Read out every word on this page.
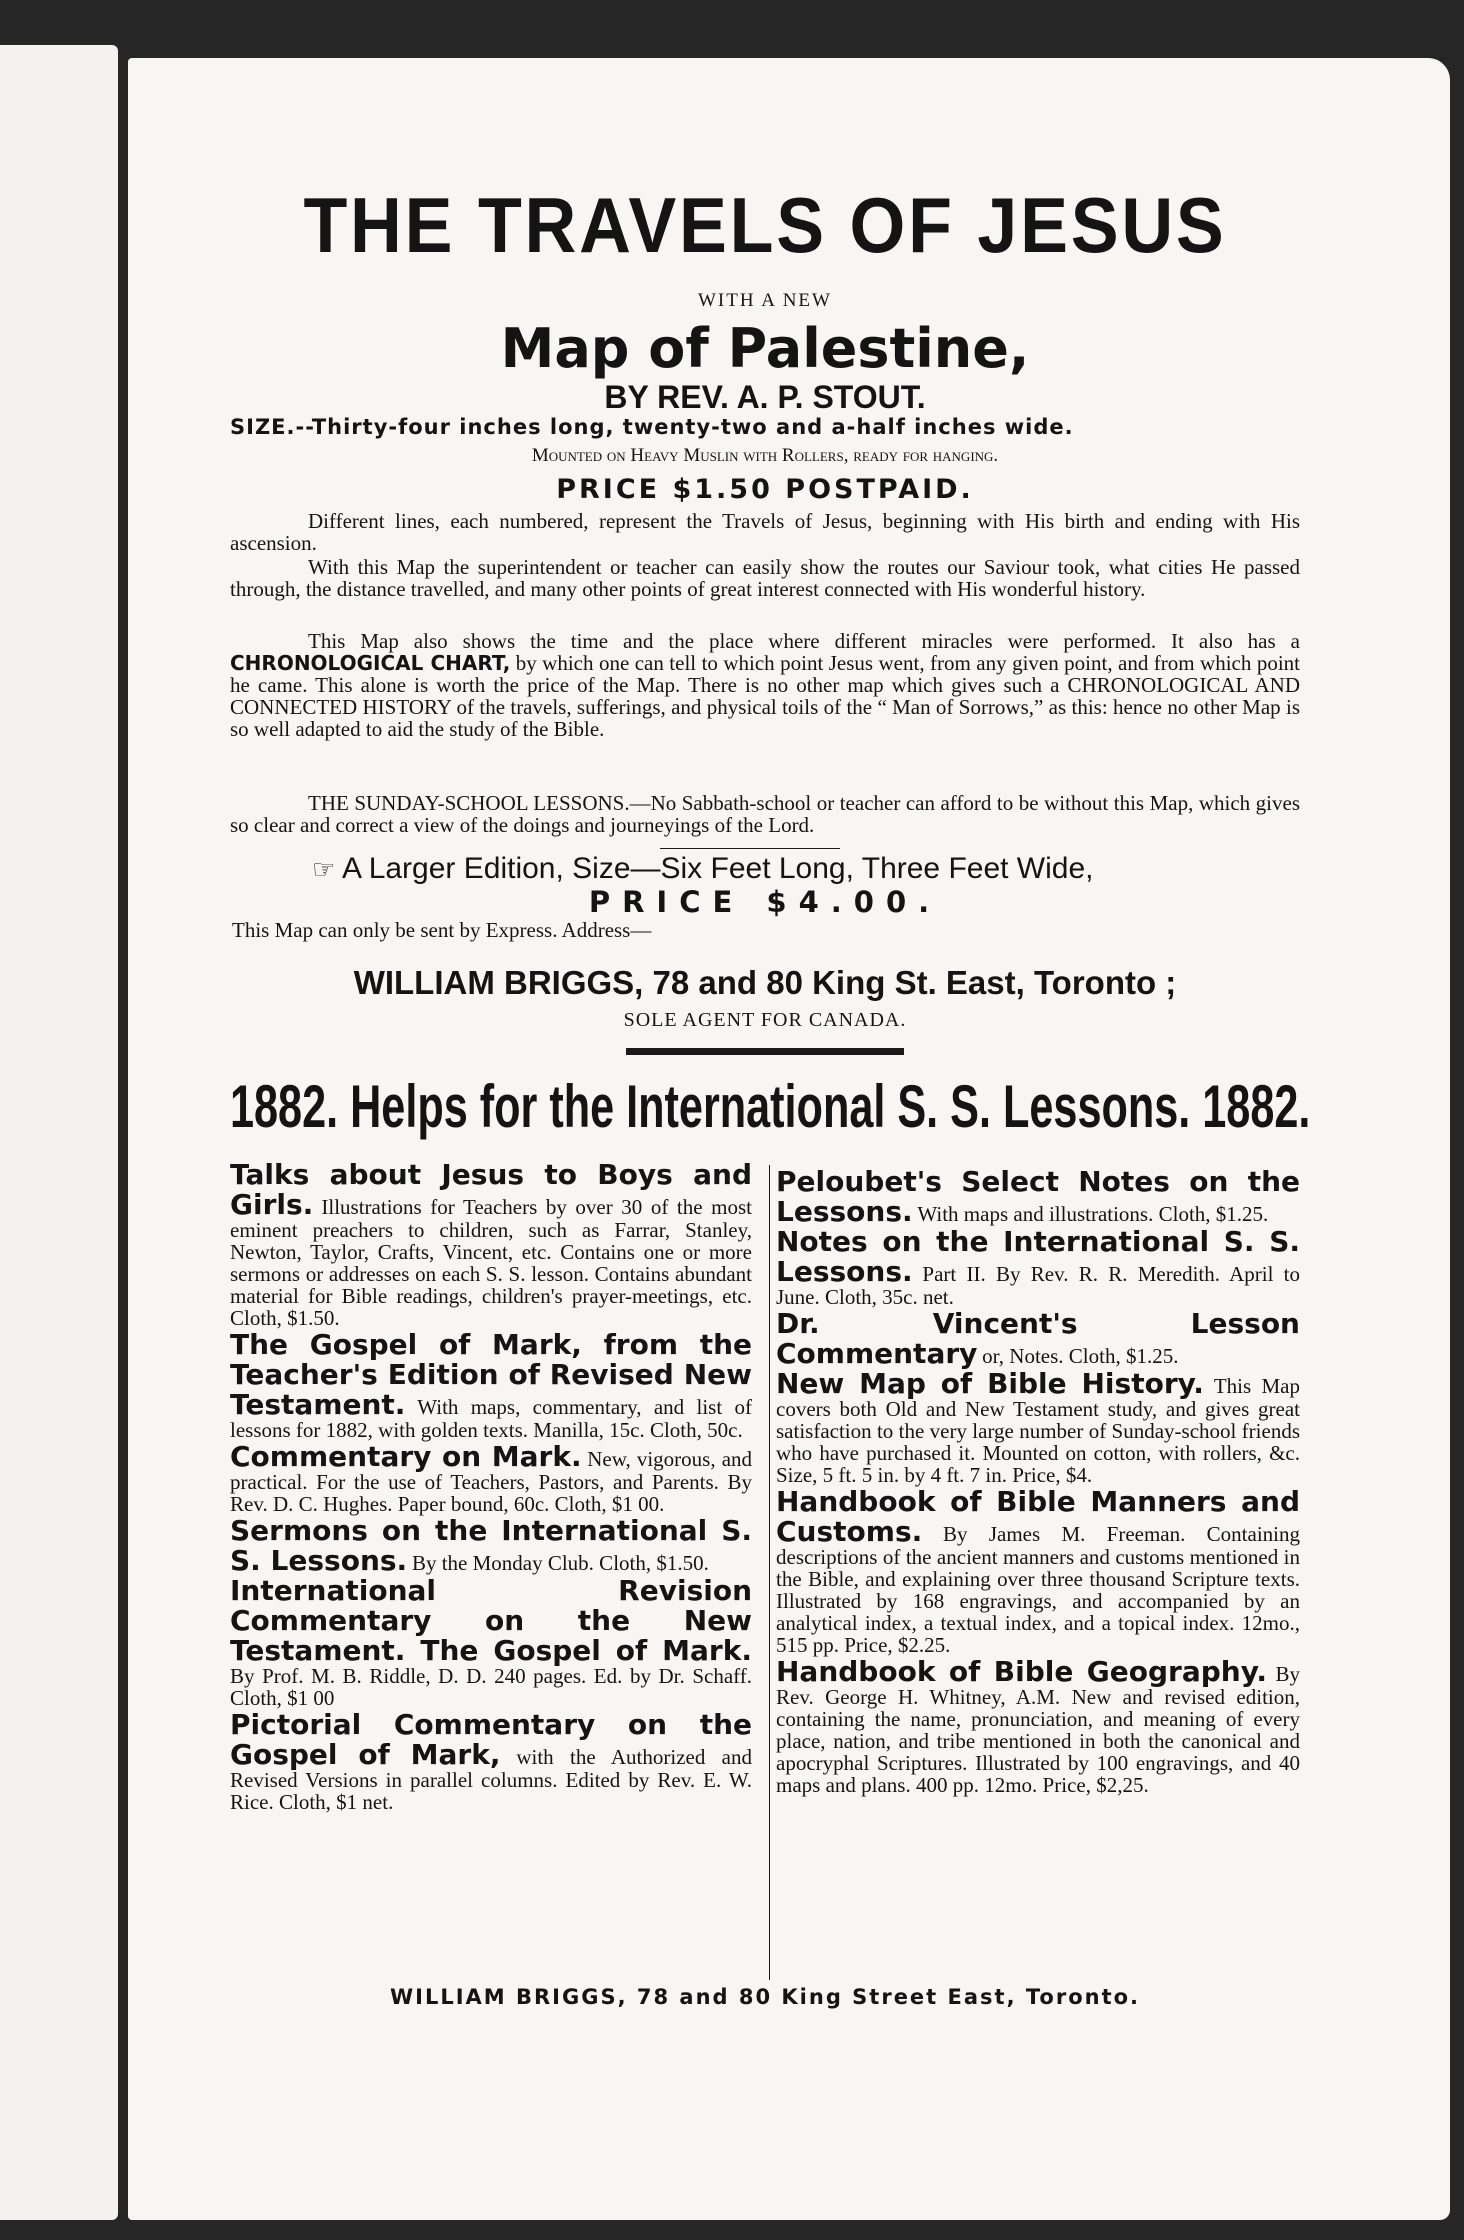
THE TRAVELS OF JESUS
WITH A NEW
Map of Palestine,
BY REV. A. P. STOUT.
SIZE.--Thirty-four inches long, twenty-two and a-half inches wide.
Mounted on Heavy Muslin with Rollers, ready for hanging.
PRICE $1.50 POSTPAID.
Different lines, each numbered, represent the Travels of Jesus, beginning with His birth and ending with His ascension.
With this Map the superintendent or teacher can easily show the routes our Saviour took, what cities He passed through, the distance travelled, and many other points of great interest connected with His wonderful history.
This Map also shows the time and the place where different miracles were performed. It also has a CHRONOLOGICAL CHART, by which one can tell to which point Jesus went, from any given point, and from which point he came. This alone is worth the price of the Map. There is no other map which gives such a CHRONOLOGICAL AND CONNECTED HISTORY of the travels, sufferings, and physical toils of the “ Man of Sorrows,” as this: hence no other Map is so well adapted to aid the study of the Bible.
THE SUNDAY-SCHOOL LESSONS.—No Sabbath-school or teacher can afford to be without this Map, which gives so clear and correct a view of the doings and journeyings of the Lord.
☞ A Larger Edition, Size—Six Feet Long, Three Feet Wide,
PRICE $4.00.
This Map can only be sent by Express. Address—
WILLIAM BRIGGS, 78 and 80 King St. East, Toronto ;
SOLE AGENT FOR CANADA.
1882. Helps for the International S. S. Lessons. 1882.

Talks about Jesus to Boys and Girls. Illustrations for Teachers by over 30 of the most eminent preachers to children, such as Farrar, Stanley, Newton, Taylor, Crafts, Vincent, etc. Contains one or more sermons or addresses on each S. S. lesson. Contains abundant material for Bible readings, children's prayer-meetings, etc. Cloth, $1.50.

The Gospel of Mark, from the Teacher's Edition of Revised New Testament. With maps, commentary, and list of lessons for 1882, with golden texts. Manilla, 15c. Cloth, 50c.

Commentary on Mark. New, vigorous, and practical. For the use of Teachers, Pastors, and Parents. By Rev. D. C. Hughes. Paper bound, 60c. Cloth, $1 00.

Sermons on the International S. S. Lessons. By the Monday Club. Cloth, $1.50.

International Revision Commentary on the New Testament. The Gospel of Mark. By Prof. M. B. Riddle, D. D. 240 pages. Ed. by Dr. Schaff. Cloth, $1 00

Pictorial Commentary on the Gospel of Mark, with the Authorized and Revised Versions in parallel columns. Edited by Rev. E. W. Rice. Cloth, $1 net.

Peloubet's Select Notes on the Lessons. With maps and illustrations. Cloth, $1.25.

Notes on the International S. S. Lessons. Part II. By Rev. R. R. Meredith. April to June. Cloth, 35c. net.

Dr. Vincent's Lesson Commentary or, Notes. Cloth, $1.25.

New Map of Bible History. This Map covers both Old and New Testament study, and gives great satisfaction to the very large number of Sunday-school friends who have purchased it. Mounted on cotton, with rollers, &c. Size, 5 ft. 5 in. by 4 ft. 7 in. Price, $4.

Handbook of Bible Manners and Customs. By James M. Freeman. Containing descriptions of the ancient manners and customs mentioned in the Bible, and explaining over three thousand Scripture texts. Illustrated by 168 engravings, and accompanied by an analytical index, a textual index, and a topical index. 12mo., 515 pp. Price, $2.25.

Handbook of Bible Geography. By Rev. George H. Whitney, A.M. New and revised edition, containing the name, pronunciation, and meaning of every place, nation, and tribe mentioned in both the canonical and apocryphal Scriptures. Illustrated by 100 engravings, and 40 maps and plans. 400 pp. 12mo. Price, $2,25.

WILLIAM BRIGGS, 78 and 80 King Street East, Toronto.
